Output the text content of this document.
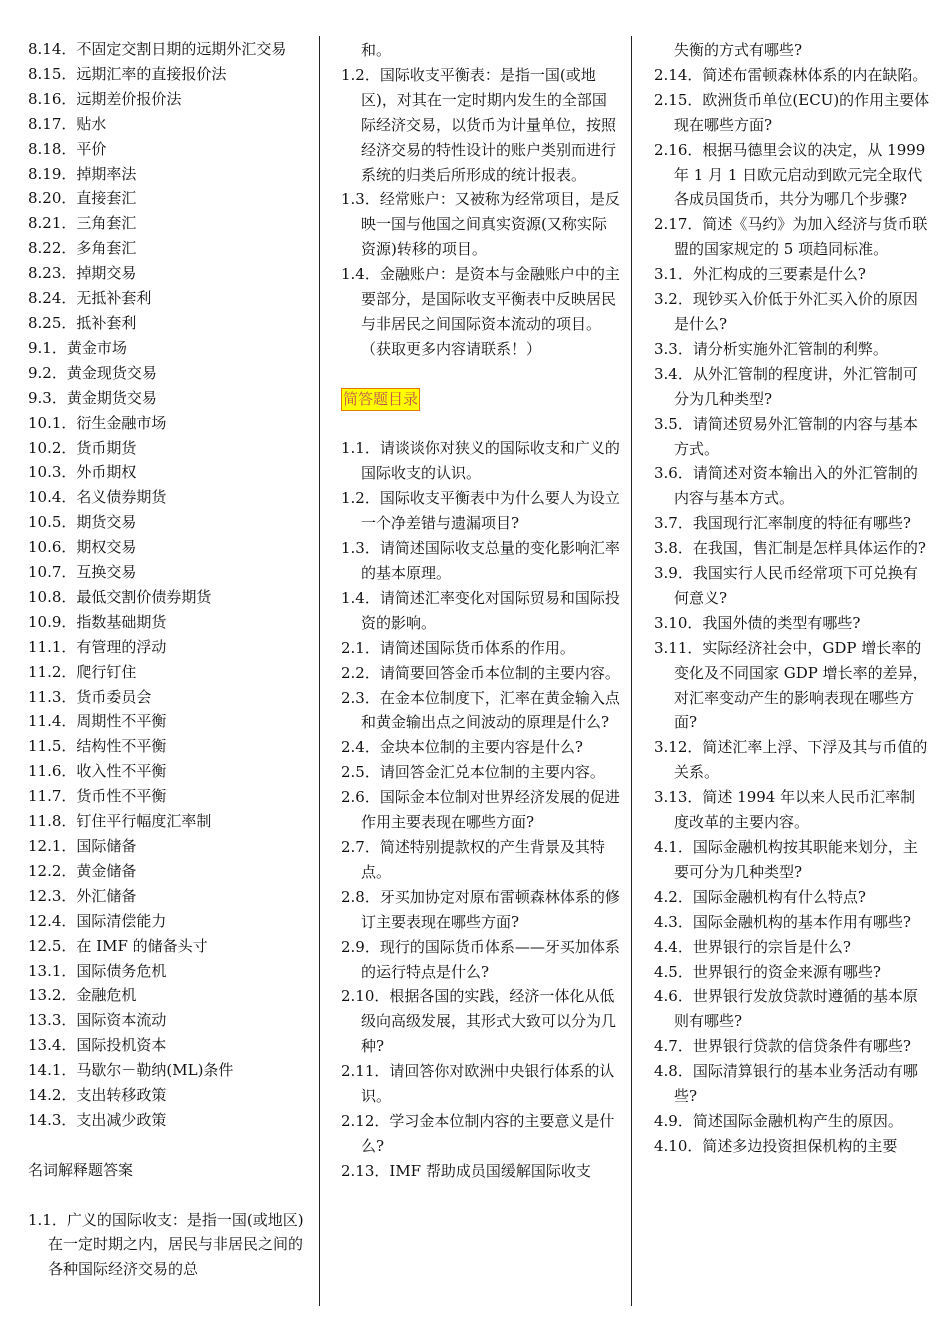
8.14．不固定交割日期的远期外汇交易
8.15．远期汇率的直接报价法
8.16．远期差价报价法
8.17．贴水
8.18．平价
8.19．掉期率法
8.20．直接套汇
8.21．三角套汇
8.22．多角套汇
8.23．掉期交易
8.24．无抵补套利
8.25．抵补套利
9.1．黄金市场
9.2．黄金现货交易
9.3．黄金期货交易
10.1．衍生金融市场
10.2．货币期货
10.3．外币期权
10.4．名义债券期货
10.5．期货交易
10.6．期权交易
10.7．互换交易
10.8．最低交割价债券期货
10.9．指数基础期货
11.1．有管理的浮动
11.2．爬行钉住
11.3．货币委员会
11.4．周期性不平衡
11.5．结构性不平衡
11.6．收入性不平衡
11.7．货币性不平衡
11.8．钉住平行幅度汇率制
12.1．国际储备
12.2．黄金储备
12.3．外汇储备
12.4．国际清偿能力
12.5．在 IMF 的储备头寸
13.1．国际债务危机
13.2．金融危机
13.3．国际资本流动
13.4．国际投机资本
14.1．马歇尔－勒纳(ML)条件
14.2．支出转移政策
14.3．支出减少政策
名词解释题答案
1.1．广义的国际收支：是指一国(或地区)在一定时期之内，居民与非居民之间的各种国际经济交易的总
和。
1.2．国际收支平衡表：是指一国(或地区)，对其在一定时期内发生的全部国际经济交易，以货币为计量单位，按照经济交易的特性设计的账户类别而进行系统的归类后所形成的统计报表。
1.3．经常账户：又被称为经常项目，是反映一国与他国之间真实资源(又称实际资源)转移的项目。
1.4．金融账户：是资本与金融账户中的主要部分，是国际收支平衡表中反映居民与非居民之间国际资本流动的项目。（获取更多内容请联系！）
简答题目录
1.1．请谈谈你对狭义的国际收支和广义的国际收支的认识。
1.2．国际收支平衡表中为什么要人为设立一个净差错与遗漏项目?
1.3．请简述国际收支总量的变化影响汇率的基本原理。
1.4．请简述汇率变化对国际贸易和国际投资的影响。
2.1．请简述国际货币体系的作用。
2.2．请简要回答金币本位制的主要内容。
2.3．在金本位制度下，汇率在黄金输入点和黄金输出点之间波动的原理是什么?
2.4．金块本位制的主要内容是什么?
2.5．请回答金汇兑本位制的主要内容。
2.6．国际金本位制对世界经济发展的促进作用主要表现在哪些方面?
2.7．简述特别提款权的产生背景及其特点。
2.8．牙买加协定对原布雷顿森林体系的修订主要表现在哪些方面?
2.9．现行的国际货币体系——牙买加体系的运行特点是什么?
2.10．根据各国的实践，经济一体化从低级向高级发展，其形式大致可以分为几种?
2.11．请回答你对欧洲中央银行体系的认识。
2.12．学习金本位制内容的主要意义是什么?
2.13．IMF 帮助成员国缓解国际收支
失衡的方式有哪些?
2.14．简述布雷顿森林体系的内在缺陷。
2.15．欧洲货币单位(ECU)的作用主要体现在哪些方面?
2.16．根据马德里会议的决定，从 1999 年 1 月 1 日欧元启动到欧元完全取代各成员国货币，共分为哪几个步骤?
2.17．简述《马约》为加入经济与货币联盟的国家规定的 5 项趋同标准。
3.1．外汇构成的三要素是什么?
3.2．现钞买入价低于外汇买入价的原因是什么?
3.3．请分析实施外汇管制的利弊。
3.4．从外汇管制的程度讲，外汇管制可分为几种类型?
3.5．请简述贸易外汇管制的内容与基本方式。
3.6．请简述对资本输出入的外汇管制的内容与基本方式。
3.7．我国现行汇率制度的特征有哪些?
3.8．在我国，售汇制是怎样具体运作的?
3.9．我国实行人民币经常项下可兑换有何意义?
3.10．我国外债的类型有哪些?
3.11．实际经济社会中，GDP 增长率的变化及不同国家 GDP 增长率的差异，对汇率变动产生的影响表现在哪些方面?
3.12．简述汇率上浮、下浮及其与币值的关系。
3.13．简述 1994 年以来人民币汇率制度改革的主要内容。
4.1．国际金融机构按其职能来划分，主要可分为几种类型?
4.2．国际金融机构有什么特点?
4.3．国际金融机构的基本作用有哪些?
4.4．世界银行的宗旨是什么?
4.5．世界银行的资金来源有哪些?
4.6．世界银行发放贷款时遵循的基本原则有哪些?
4.7．世界银行贷款的信贷条件有哪些?
4.8．国际清算银行的基本业务活动有哪些?
4.9．简述国际金融机构产生的原因。
4.10．简述多边投资担保机构的主要
